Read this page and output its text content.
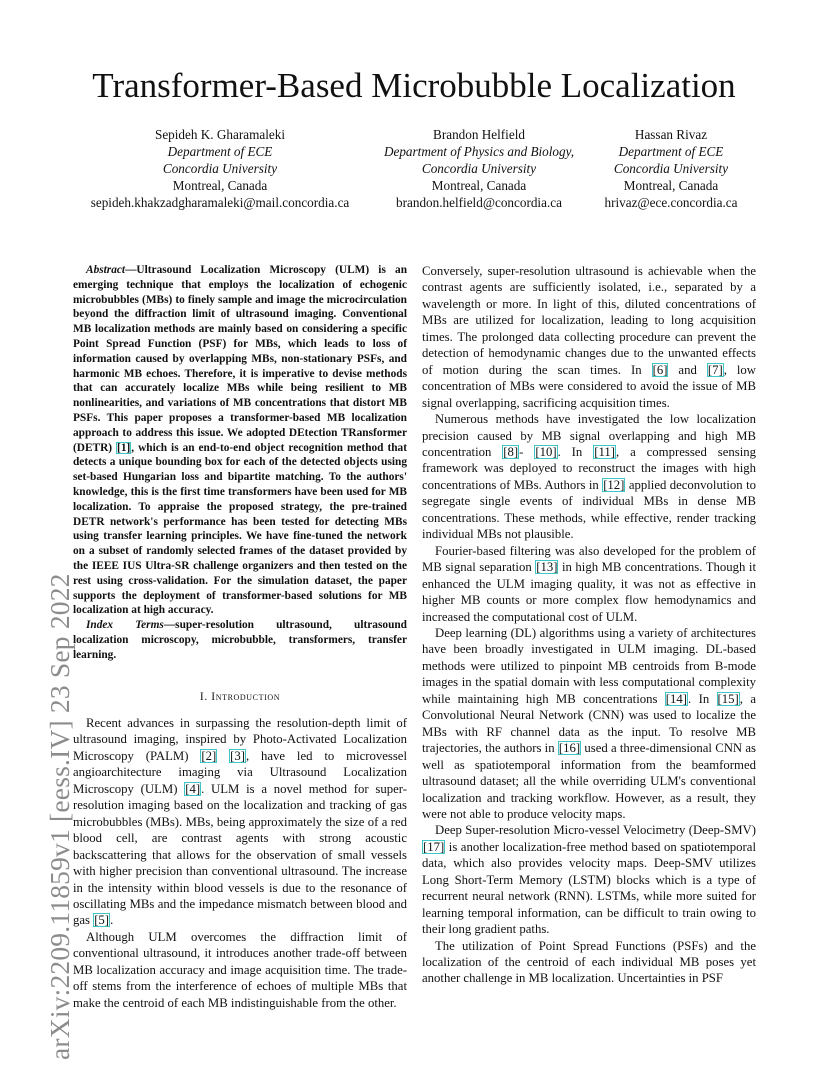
arXiv:2209.11859v1 [eess.IV] 23 Sep 2022
Transformer-Based Microbubble Localization
Sepideh K. Gharamaleki
Department of ECE
Concordia University
Montreal, Canada
sepideh.khakzadgharamaleki@mail.concordia.ca
Brandon Helfield
Department of Physics and Biology,
Concordia University
Montreal, Canada
brandon.helfield@concordia.ca
Hassan Rivaz
Department of ECE
Concordia University
Montreal, Canada
hrivaz@ece.concordia.ca

Abstract—Ultrasound Localization Microscopy (ULM) is an emerging technique that employs the localization of echogenic microbubbles (MBs) to finely sample and image the microcirculation beyond the diffraction limit of ultrasound imaging. Conventional MB localization methods are mainly based on considering a specific Point Spread Function (PSF) for MBs, which leads to loss of information caused by overlapping MBs, non-stationary PSFs, and harmonic MB echoes. Therefore, it is imperative to devise methods that can accurately localize MBs while being resilient to MB nonlinearities, and variations of MB concentrations that distort MB PSFs. This paper proposes a transformer-based MB localization approach to address this issue. We adopted DEtection TRansformer (DETR) [1], which is an end-to-end object recognition method that detects a unique bounding box for each of the detected objects using set-based Hungarian loss and bipartite matching. To the authors' knowledge, this is the first time transformers have been used for MB localization. To appraise the proposed strategy, the pre-trained DETR network's performance has been tested for detecting MBs using transfer learning principles. We have fine-tuned the network on a subset of randomly selected frames of the dataset provided by the IEEE IUS Ultra-SR challenge organizers and then tested on the rest using cross-validation. For the simulation dataset, the paper supports the deployment of transformer-based solutions for MB localization at high accuracy.

Index Terms—super-resolution ultrasound, ultrasound localization microscopy, microbubble, transformers, transfer learning.

I. Introduction

Recent advances in surpassing the resolution-depth limit of ultrasound imaging, inspired by Photo-Activated Localization Microscopy (PALM) [2] [3], have led to microvessel angioarchitecture imaging via Ultrasound Localization Microscopy (ULM) [4]. ULM is a novel method for super-resolution imaging based on the localization and tracking of gas microbubbles (MBs). MBs, being approximately the size of a red blood cell, are contrast agents with strong acoustic backscattering that allows for the observation of small vessels with higher precision than conventional ultrasound. The increase in the intensity within blood vessels is due to the resonance of oscillating MBs and the impedance mismatch between blood and gas [5].

Although ULM overcomes the diffraction limit of conventional ultrasound, it introduces another trade-off between MB localization accuracy and image acquisition time. The trade-off stems from the interference of echoes of multiple MBs that make the centroid of each MB indistinguishable from the other.

Conversely, super-resolution ultrasound is achievable when the contrast agents are sufficiently isolated, i.e., separated by a wavelength or more. In light of this, diluted concentrations of MBs are utilized for localization, leading to long acquisition times. The prolonged data collecting procedure can prevent the detection of hemodynamic changes due to the unwanted effects of motion during the scan times. In [6] and [7], low concentration of MBs were considered to avoid the issue of MB signal overlapping, sacrificing acquisition times.

Numerous methods have investigated the low localization precision caused by MB signal overlapping and high MB concentration [8]- [10]. In [11], a compressed sensing framework was deployed to reconstruct the images with high concentrations of MBs. Authors in [12] applied deconvolution to segregate single events of individual MBs in dense MB concentrations. These methods, while effective, render tracking individual MBs not plausible.

Fourier-based filtering was also developed for the problem of MB signal separation [13] in high MB concentrations. Though it enhanced the ULM imaging quality, it was not as effective in higher MB counts or more complex flow hemodynamics and increased the computational cost of ULM.

Deep learning (DL) algorithms using a variety of architectures have been broadly investigated in ULM imaging. DL-based methods were utilized to pinpoint MB centroids from B-mode images in the spatial domain with less computational complexity while maintaining high MB concentrations [14]. In [15], a Convolutional Neural Network (CNN) was used to localize the MBs with RF channel data as the input. To resolve MB trajectories, the authors in [16] used a three-dimensional CNN as well as spatiotemporal information from the beamformed ultrasound dataset; all the while overriding ULM's conventional localization and tracking workflow. However, as a result, they were not able to produce velocity maps.

Deep Super-resolution Micro-vessel Velocimetry (Deep-SMV) [17] is another localization-free method based on spatiotemporal data, which also provides velocity maps. Deep-SMV utilizes Long Short-Term Memory (LSTM) blocks which is a type of recurrent neural network (RNN). LSTMs, while more suited for learning temporal information, can be difficult to train owing to their long gradient paths.

The utilization of Point Spread Functions (PSFs) and the localization of the centroid of each individual MB poses yet another challenge in MB localization. Uncertainties in PSF
